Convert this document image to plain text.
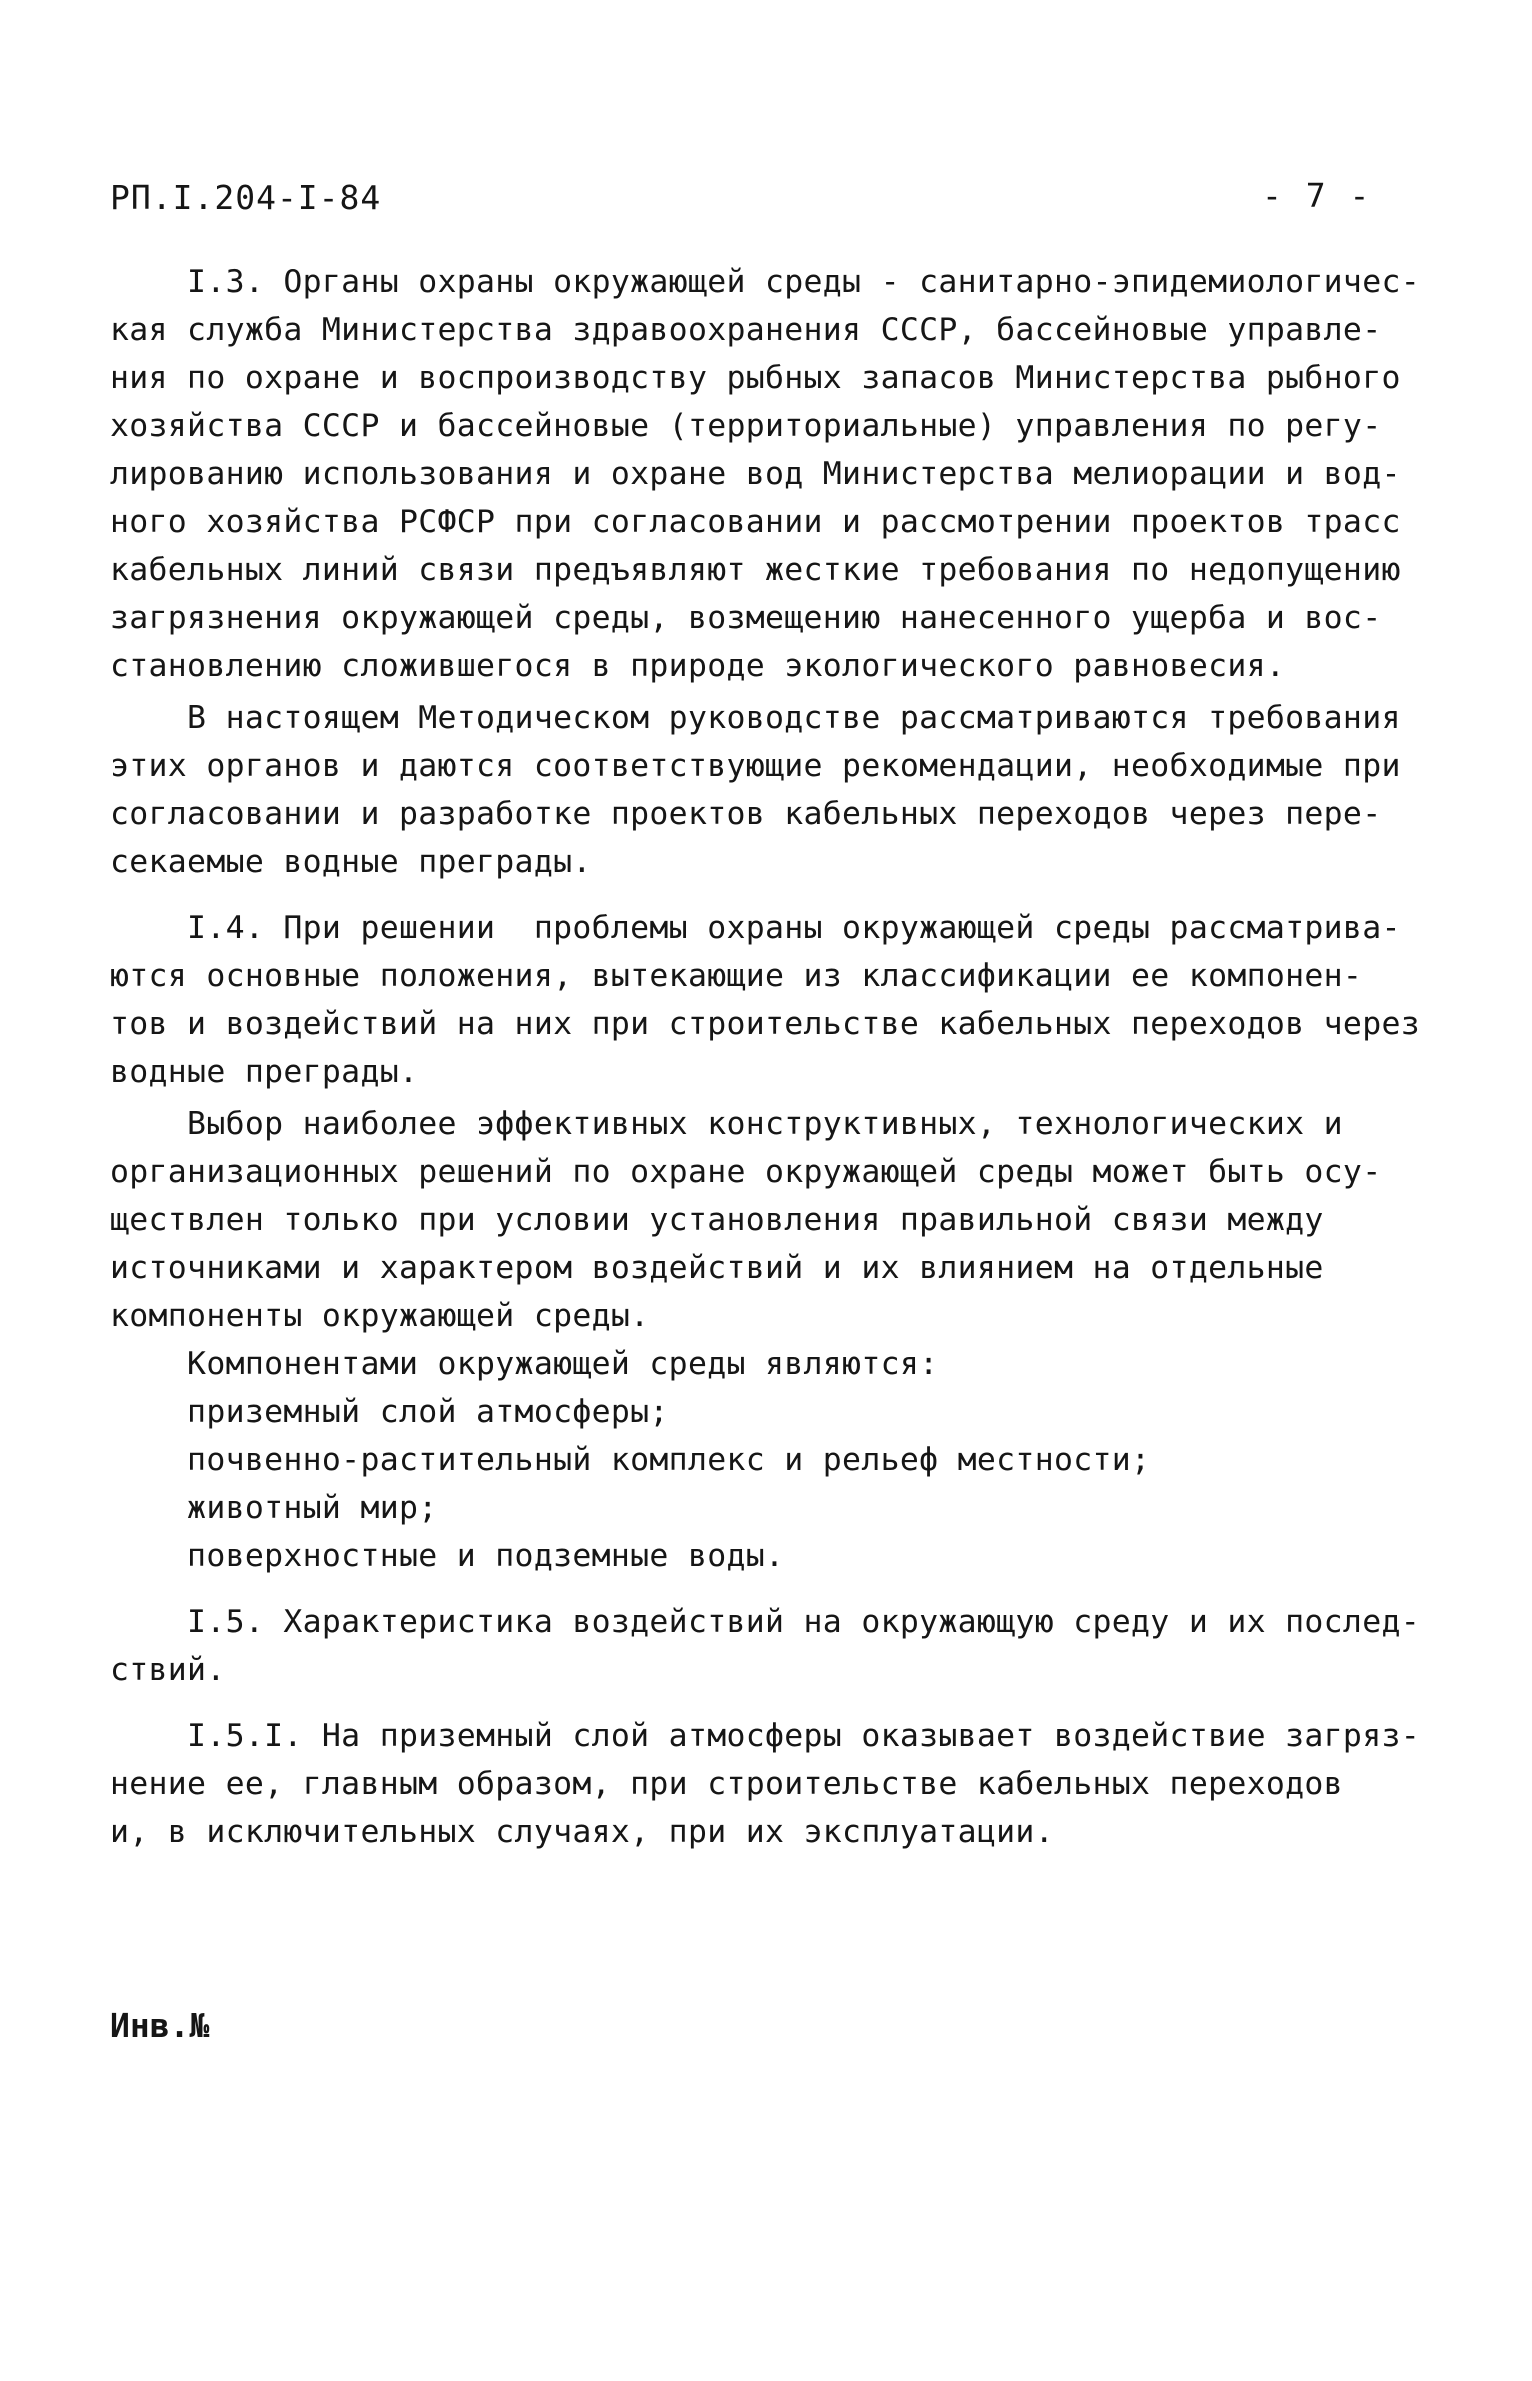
РП.I.204-I-84	- 7 -
I.3. Органы охраны окружающей среды - санитарно-эпидемиологичес-
кая служба Министерства здравоохранения СССР, бассейновые управле-
ния по охране и воспроизводству рыбных запасов Министерства рыбного
хозяйства СССР и бассейновые (территориальные) управления по регу-
лированию использования и охране вод Министерства мелиорации и вод-
ного хозяйства РСФСР при согласовании и рассмотрении проектов трасс
кабельных линий связи предъявляют жесткие требования по недопущению
загрязнения окружающей среды, возмещению нанесенного ущерба и вос-
становлению сложившегося в природе экологического равновесия.
В настоящем Методическом руководстве рассматриваются требования
этих органов и даются соответствующие рекомендации, необходимые при
согласовании и разработке проектов кабельных переходов через пере-
секаемые водные преграды.
I.4. При решении  проблемы охраны окружающей среды рассматрива-
ются основные положения, вытекающие из классификации ее компонен-
тов и воздействий на них при строительстве кабельных переходов через
водные преграды.
Выбор наиболее эффективных конструктивных, технологических и
организационных решений по охране окружающей среды может быть осу-
ществлен только при условии установления правильной связи между
источниками и характером воздействий и их влиянием на отдельные
компоненты окружающей среды.
Компонентами окружающей среды являются:
приземный слой атмосферы;
почвенно-растительный комплекс и рельеф местности;
животный мир;
поверхностные и подземные воды.
I.5. Характеристика воздействий на окружающую среду и их послед-
ствий.
I.5.I. На приземный слой атмосферы оказывает воздействие загряз-
нение ее, главным образом, при строительстве кабельных переходов
и, в исключительных случаях, при их эксплуатации.
Инв.№
